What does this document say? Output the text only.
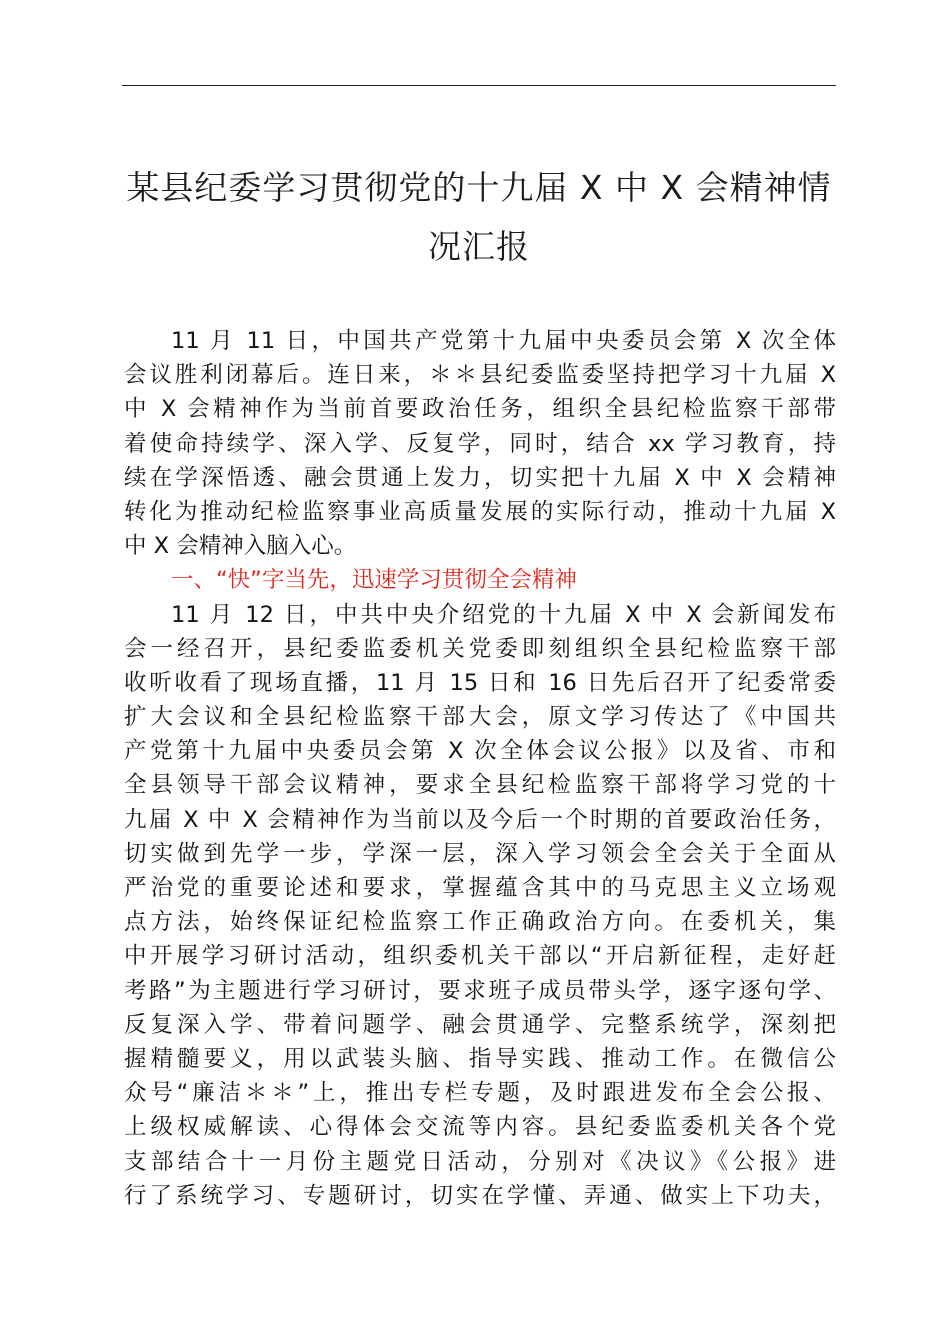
某县纪委学习贯彻党的十九届 X 中 X 会精神情
况汇报
11 月 11 日，中国共产党第十九届中央委员会第 X 次全体
会议胜利闭幕后。连日来，＊＊县纪委监委坚持把学习十九届 X
中 X 会精神作为当前首要政治任务，组织全县纪检监察干部带
着使命持续学、深入学、反复学，同时，结合 xx 学习教育，持
续在学深悟透、融会贯通上发力，切实把十九届 X 中 X 会精神
转化为推动纪检监察事业高质量发展的实际行动，推动十九届 X
中 X 会精神入脑入心。
一、“快”字当先，迅速学习贯彻全会精神
11 月 12 日，中共中央介绍党的十九届 X 中 X 会新闻发布
会一经召开，县纪委监委机关党委即刻组织全县纪检监察干部
收听收看了现场直播，11 月 15 日和 16 日先后召开了纪委常委
扩大会议和全县纪检监察干部大会，原文学习传达了《中国共
产党第十九届中央委员会第 X 次全体会议公报》以及省、市和
全县领导干部会议精神，要求全县纪检监察干部将学习党的十
九届 X 中 X 会精神作为当前以及今后一个时期的首要政治任务，
切实做到先学一步，学深一层，深入学习领会全会关于全面从
严治党的重要论述和要求，掌握蕴含其中的马克思主义立场观
点方法，始终保证纪检监察工作正确政治方向。在委机关，集
中开展学习研讨活动，组织委机关干部以“开启新征程，走好赶
考路”为主题进行学习研讨，要求班子成员带头学，逐字逐句学、
反复深入学、带着问题学、融会贯通学、完整系统学，深刻把
握精髓要义，用以武装头脑、指导实践、推动工作。在微信公
众号“廉洁＊＊”上，推出专栏专题，及时跟进发布全会公报、
上级权威解读、心得体会交流等内容。县纪委监委机关各个党
支部结合十一月份主题党日活动，分别对《决议》《公报》进
行了系统学习、专题研讨，切实在学懂、弄通、做实上下功夫，
